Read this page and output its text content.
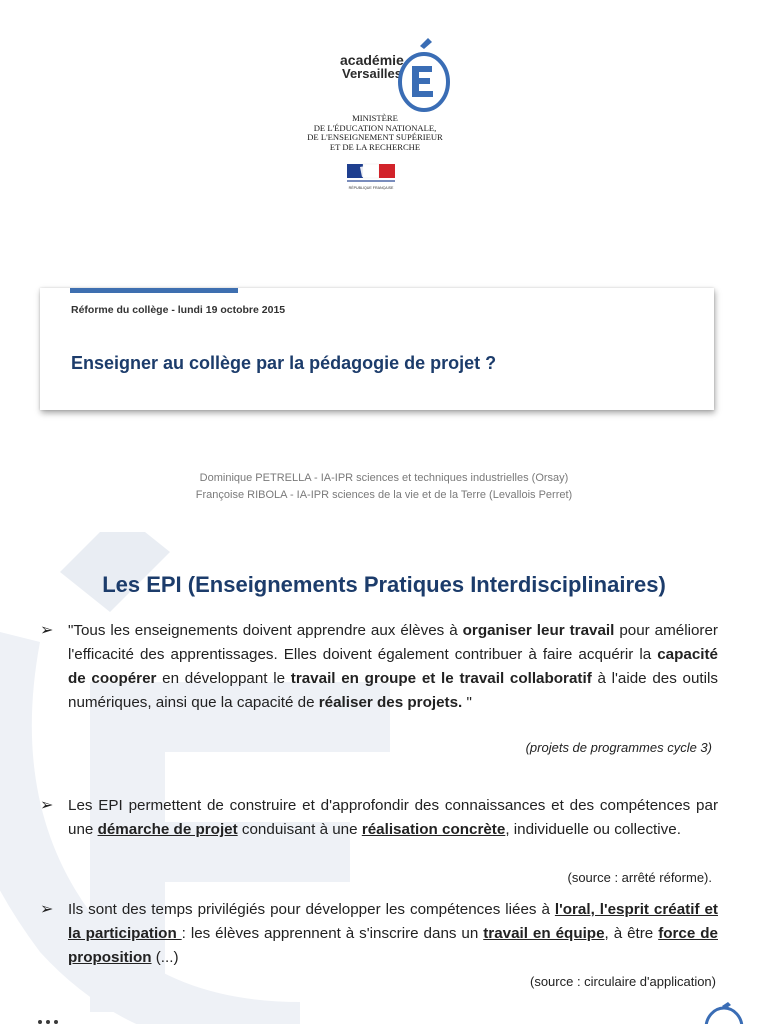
académie
Versailles
MINISTÈRE
DE L'ÉDUCATION NATIONALE,
DE L'ENSEIGNEMENT SUPÉRIEUR
ET DE LA RECHERCHE
RÉPUBLIQUE FRANÇAISE
Réforme du collège - lundi 19 octobre 2015
Enseigner au collège par la pédagogie de projet ?
Dominique PETRELLA - IA-IPR sciences et techniques industrielles (Orsay)
Françoise RIBOLA - IA-IPR sciences de la vie et de la Terre (Levallois Perret)
Les EPI (Enseignements Pratiques Interdisciplinaires)
➢ "Tous les enseignements doivent apprendre aux élèves à organiser leur travail pour améliorer l'efficacité des apprentissages. Elles doivent également contribuer à faire acquérir la capacité de coopérer en développant le travail en groupe et le travail collaboratif à l'aide des outils numériques, ainsi que la capacité de réaliser des projets. "
(projets de programmes cycle 3)
➢ Les EPI permettent de construire et d'approfondir des connaissances et des compétences par une démarche de projet conduisant à une réalisation concrète, individuelle ou collective.
(source : arrêté réforme).
➢ Ils sont des temps privilégiés pour développer les compétences liées à l'oral, l'esprit créatif et la participation : les élèves apprennent à s'inscrire dans un travail en équipe, à être force de proposition (...)
(source : circulaire d'application)
